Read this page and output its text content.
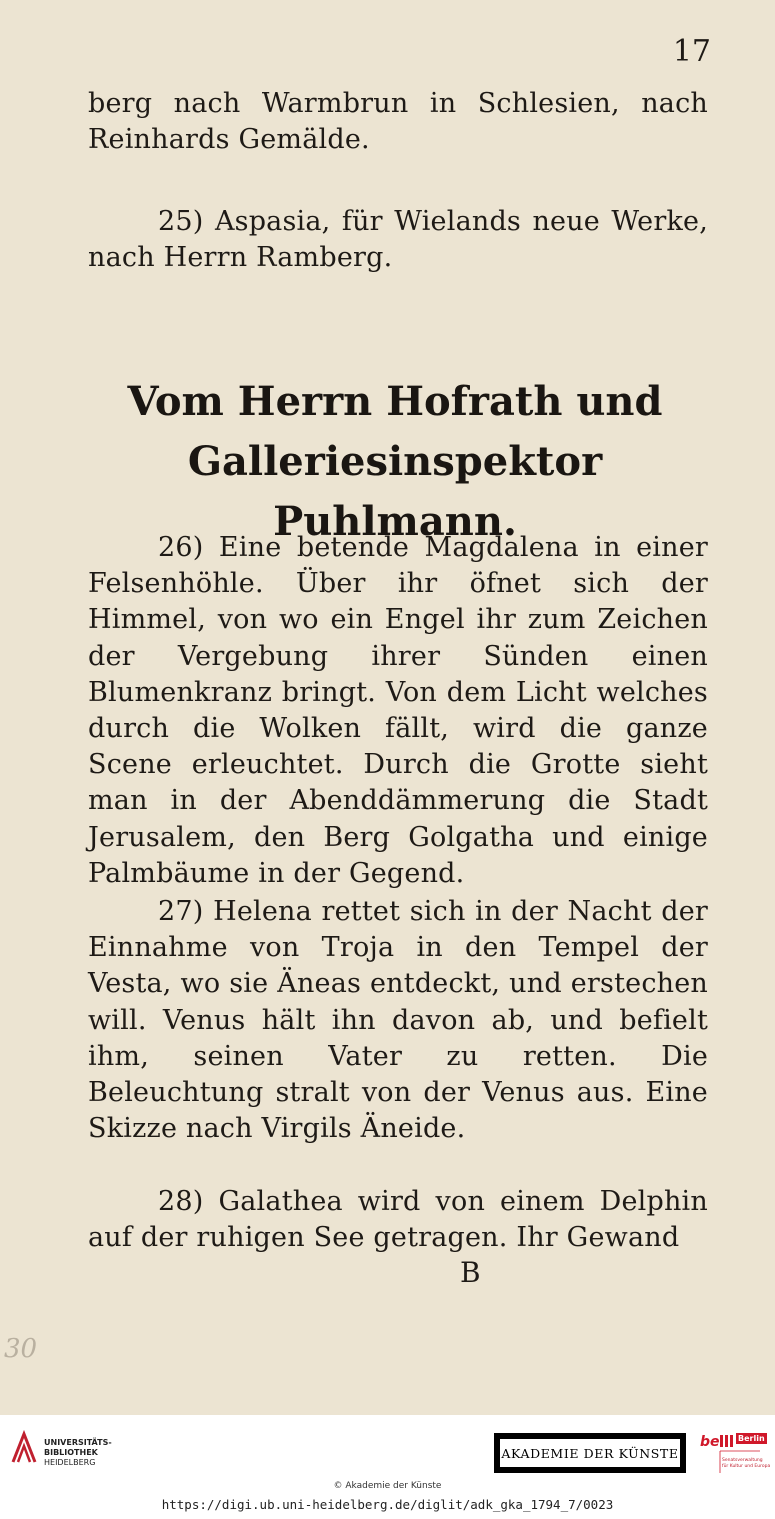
17

berg nach Warmbrun in Schlesien, nach Reinhards Gemälde.

25) Aspasia, für Wielands neue Werke, nach Herrn Ramberg.

Vom Herrn Hofrath und Galleriesinspektor Puhlmann.

26) Eine betende Magdalena in einer Felsenhöhle. Über ihr öfnet sich der Himmel, von wo ein Engel ihr zum Zeichen der Vergebung ihrer Sünden einen Blumenkranz bringt. Von dem Licht welches durch die Wolken fällt, wird die ganze Scene erleuchtet. Durch die Grotte sieht man in der Abenddämmerung die Stadt Jerusalem, den Berg Golgatha und einige Palmbäume in der Gegend.

27) Helena rettet sich in der Nacht der Einnahme von Troja in den Tempel der Vesta, wo sie Äneas entdeckt, und erstechen will. Venus hält ihn davon ab, und befielt ihm, seinen Vater zu retten. Die Beleuchtung stralt von der Venus aus. Eine Skizze nach Virgils Äneide.

28) Galathea wird von einem Delphin auf der ruhigen See getragen. Ihr Gewand

B
30
UNIVERSITÄTS-
BIBLIOTHEK
HEIDELBERG
AKADEMIE DER KÜNSTE
be Berlin
Senatsverwaltung
für Kultur und Europa
© Akademie der Künste
https://digi.ub.uni-heidelberg.de/diglit/adk_gka_1794_7/0023
